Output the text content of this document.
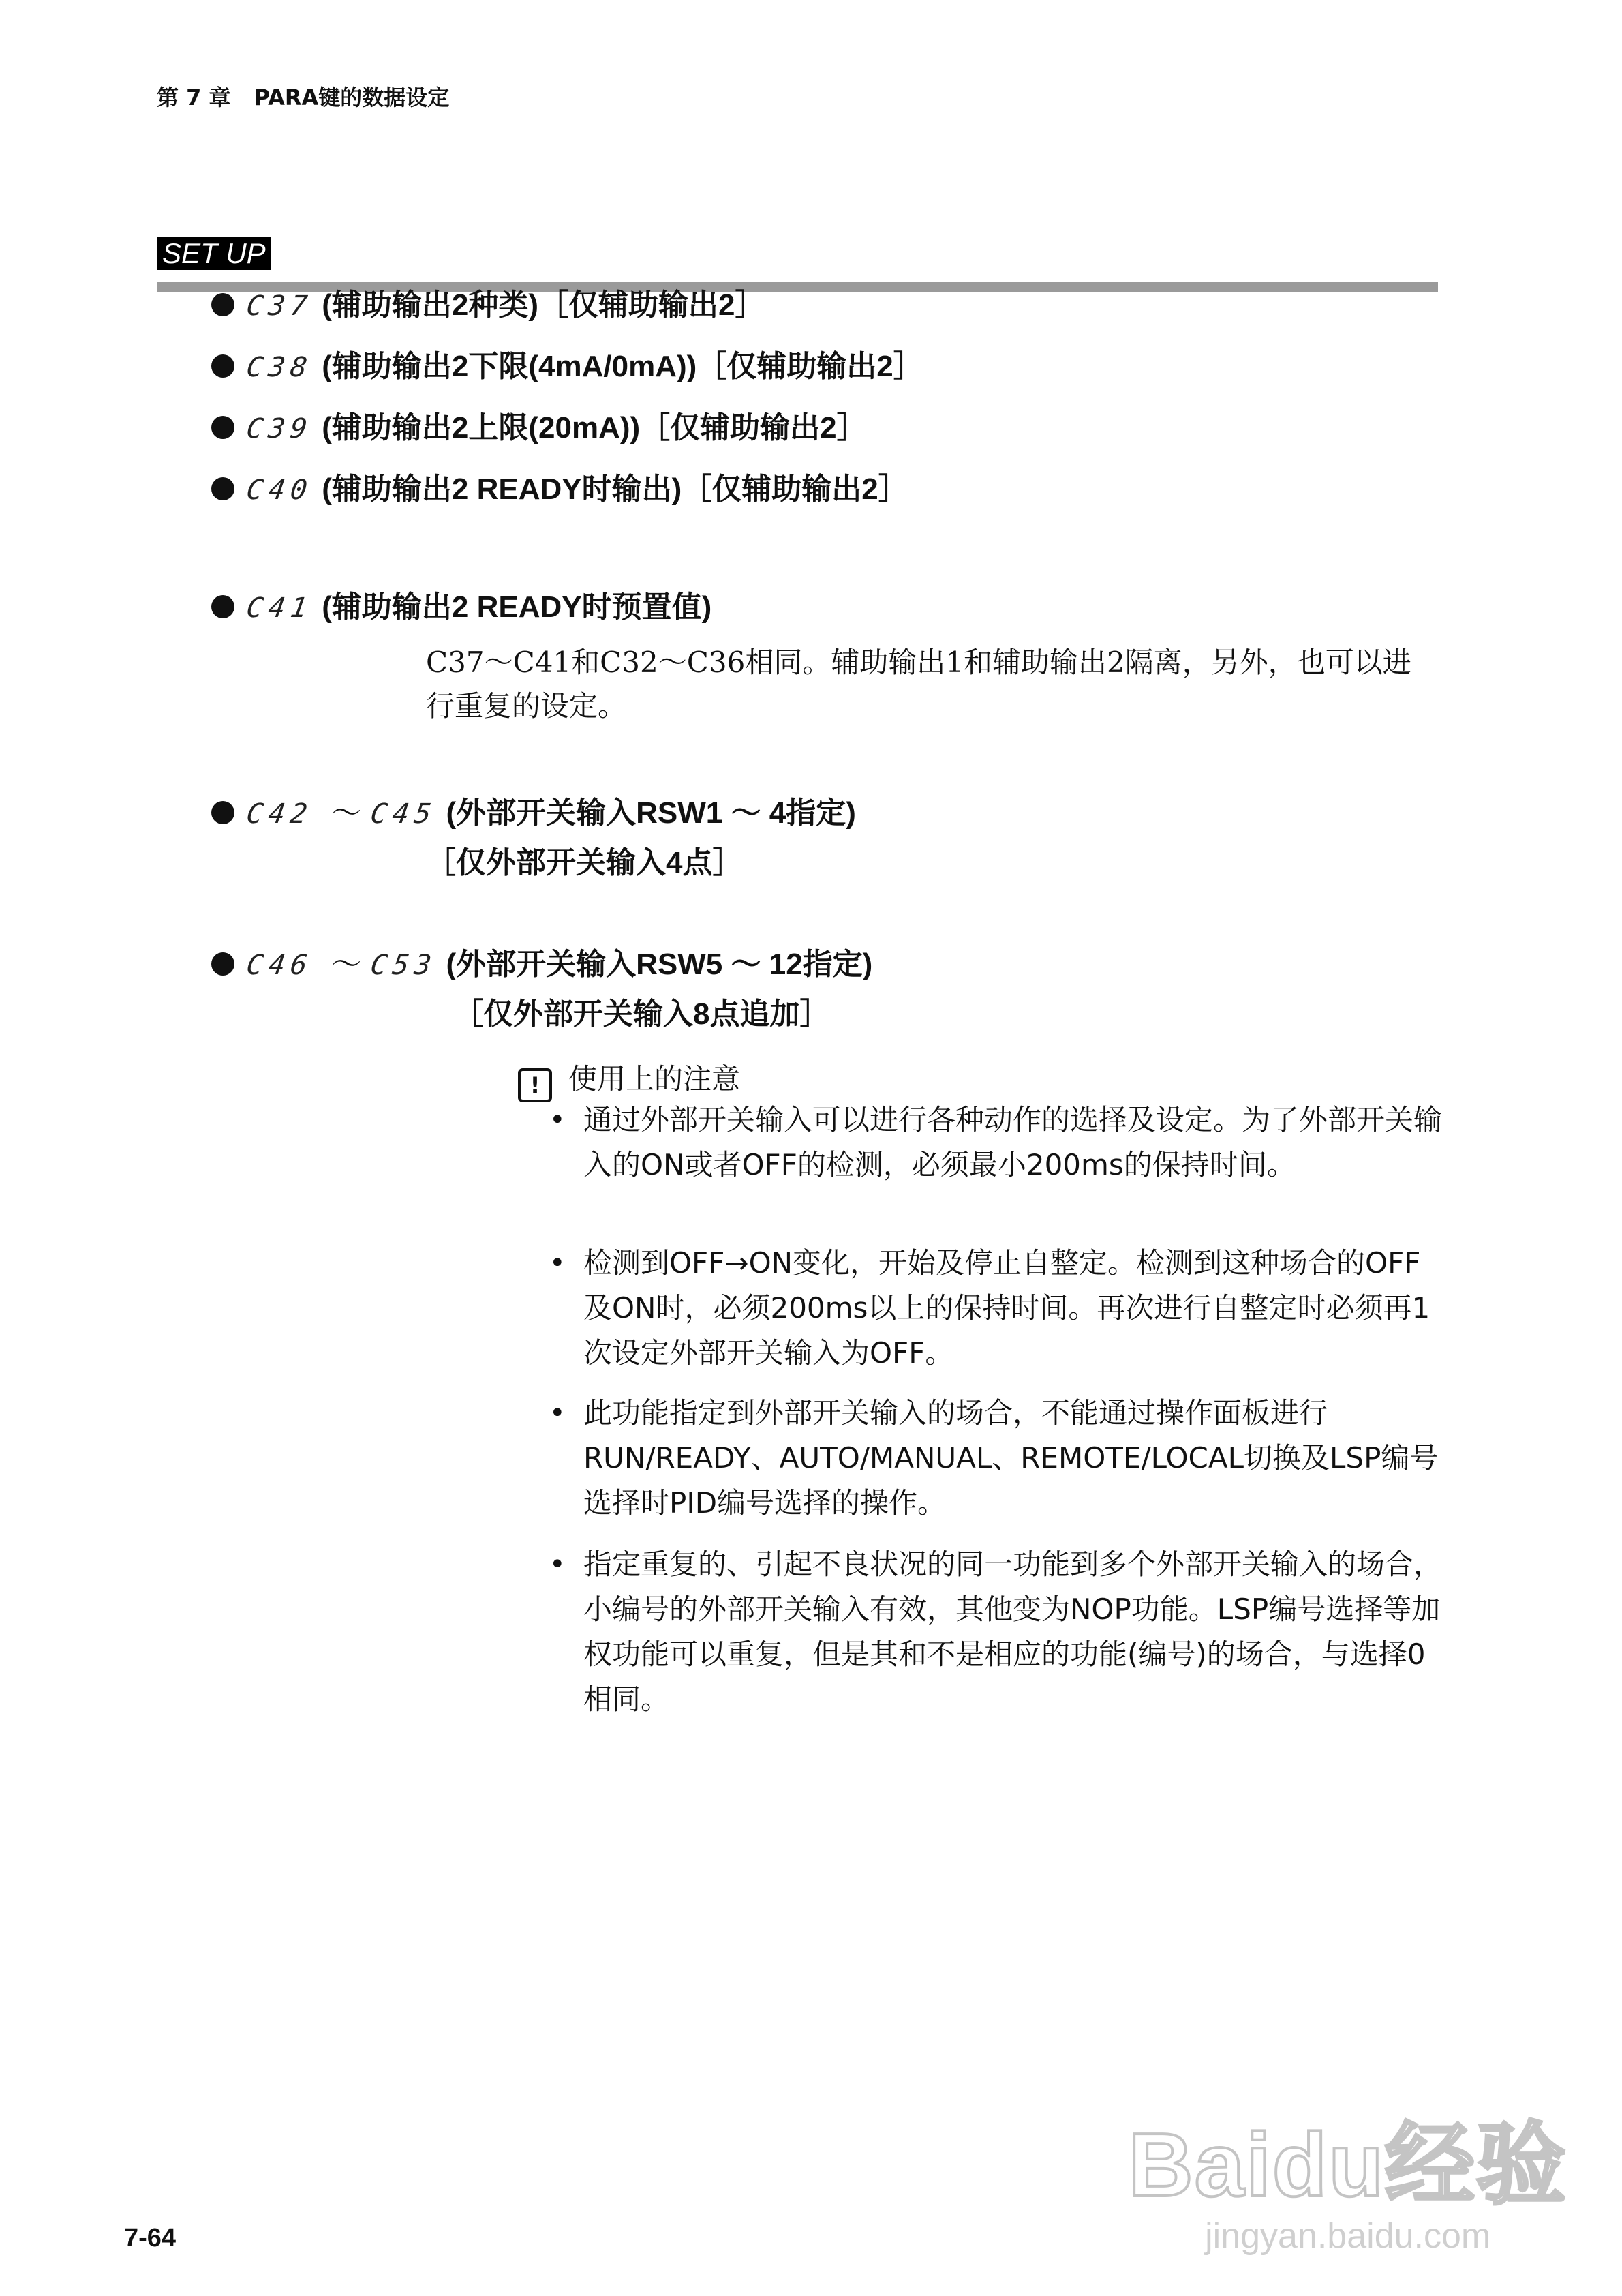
第 7 章 PARA键的数据设定
SET UP
C37 (辅助输出2种类)［仅辅助输出2］
C38 (辅助输出2下限(4mA/0mA))［仅辅助输出2］
C39 (辅助输出2上限(20mA))［仅辅助输出2］
C40 (辅助输出2 READY时输出)［仅辅助输出2］
C41 (辅助输出2 READY时预置值)
C37～C41和C32～C36相同。辅助输出1和辅助输出2隔离，另外，也可以进行重复的设定。
C42 ～ C45 (外部开关输入RSW1 ～ 4指定)
［仅外部开关输入4点］
C46 ～ C53 (外部开关输入RSW5 ～ 12指定)
［仅外部开关输入8点追加］
! 使用上的注意
• 通过外部开关输入可以进行各种动作的选择及设定。为了外部开关输入的ON或者OFF的检测，必须最小200ms的保持时间。
• 检测到OFF→ON变化，开始及停止自整定。检测到这种场合的OFF及ON时，必须200ms以上的保持时间。再次进行自整定时必须再1次设定外部开关输入为OFF。
• 此功能指定到外部开关输入的场合，不能通过操作面板进行RUN/READY、AUTO/MANUAL、REMOTE/LOCAL切换及LSP编号选择时PID编号选择的操作。
• 指定重复的、引起不良状况的同一功能到多个外部开关输入的场合，小编号的外部开关输入有效，其他变为NOP功能。LSP编号选择等加权功能可以重复，但是其和不是相应的功能(编号)的场合，与选择0相同。
7-64
Baidu经验
jingyan.baidu.com
